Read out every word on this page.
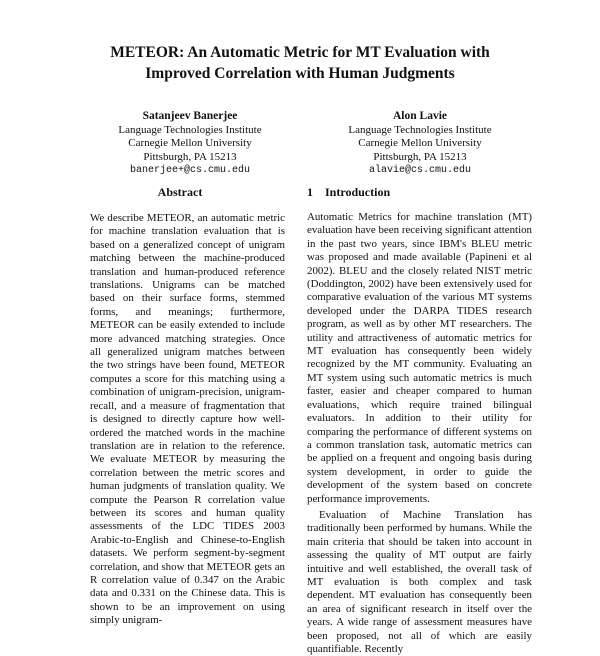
METEOR: An Automatic Metric for MT Evaluation with
Improved Correlation with Human Judgments
Satanjeev Banerjee
Language Technologies Institute
Carnegie Mellon University
Pittsburgh, PA 15213
banerjee+@cs.cmu.edu
Alon Lavie
Language Technologies Institute
Carnegie Mellon University
Pittsburgh, PA 15213
alavie@cs.cmu.edu
Abstract

We describe METEOR, an automatic metric for machine translation evaluation that is based on a generalized concept of unigram matching between the machine-produced translation and human-produced reference translations. Unigrams can be matched based on their surface forms, stemmed forms, and meanings; furthermore, METEOR can be easily extended to include more advanced matching strategies. Once all generalized unigram matches between the two strings have been found, METEOR computes a score for this matching using a combination of unigram-precision, unigram-recall, and a measure of fragmentation that is designed to directly capture how well-ordered the matched words in the machine translation are in relation to the reference. We evaluate METEOR by measuring the correlation between the metric scores and human judgments of translation quality. We compute the Pearson R correlation value between its scores and human quality assessments of the LDC TIDES 2003 Arabic-to-English and Chinese-to-English datasets. We perform segment-by-segment correlation, and show that METEOR gets an R correlation value of 0.347 on the Arabic data and 0.331 on the Chinese data. This is shown to be an improvement on using simply unigram-

1 Introduction

Automatic Metrics for machine translation (MT) evaluation have been receiving significant attention in the past two years, since IBM's BLEU metric was proposed and made available (Papineni et al 2002). BLEU and the closely related NIST metric (Doddington, 2002) have been extensively used for comparative evaluation of the various MT systems developed under the DARPA TIDES research program, as well as by other MT researchers. The utility and attractiveness of automatic metrics for MT evaluation has consequently been widely recognized by the MT community. Evaluating an MT system using such automatic metrics is much faster, easier and cheaper compared to human evaluations, which require trained bilingual evaluators. In addition to their utility for comparing the performance of different systems on a common translation task, automatic metrics can be applied on a frequent and ongoing basis during system development, in order to guide the development of the system based on concrete performance improvements.

Evaluation of Machine Translation has traditionally been performed by humans. While the main criteria that should be taken into account in assessing the quality of MT output are fairly intuitive and well established, the overall task of MT evaluation is both complex and task dependent. MT evaluation has consequently been an area of significant research in itself over the years. A wide range of assessment measures have been proposed, not all of which are easily quantifiable. Recently
